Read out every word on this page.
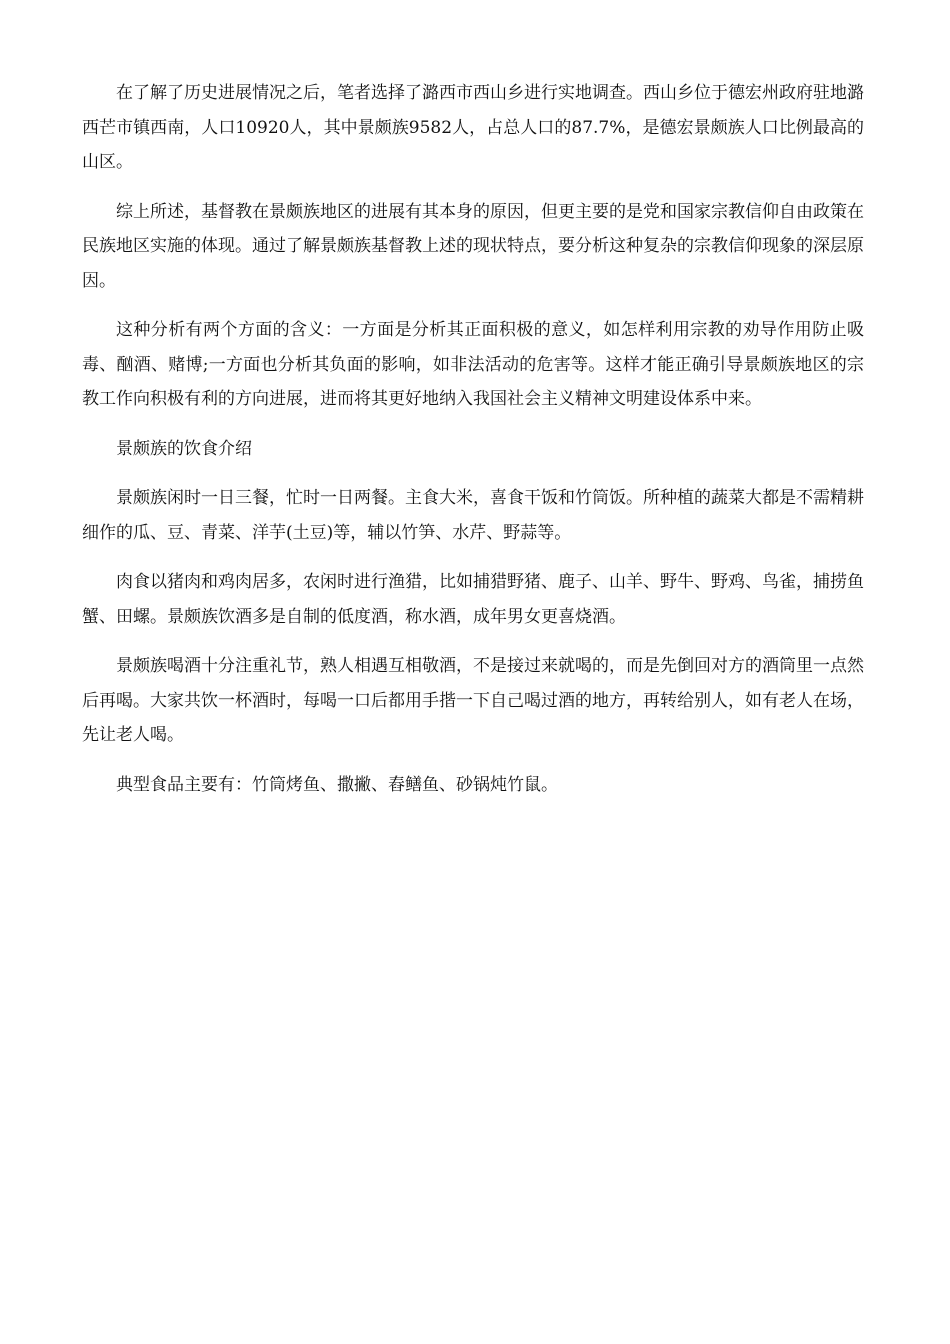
在了解了历史进展情况之后，笔者选择了潞西市西山乡进行实地调查。西山乡位于德宏州政府驻地潞西芒市镇西南，人口10920人，其中景颇族9582人，占总人口的87.7%，是德宏景颇族人口比例最高的山区。

综上所述，基督教在景颇族地区的进展有其本身的原因，但更主要的是党和国家宗教信仰自由政策在民族地区实施的体现。通过了解景颇族基督教上述的现状特点，要分析这种复杂的宗教信仰现象的深层原因。

这种分析有两个方面的含义：一方面是分析其正面积极的意义，如怎样利用宗教的劝导作用防止吸毒、酗酒、赌博;一方面也分析其负面的影响，如非法活动的危害等。这样才能正确引导景颇族地区的宗教工作向积极有利的方向进展，进而将其更好地纳入我国社会主义精神文明建设体系中来。

景颇族的饮食介绍

景颇族闲时一日三餐，忙时一日两餐。主食大米，喜食干饭和竹筒饭。所种植的蔬菜大都是不需精耕细作的瓜、豆、青菜、洋芋(土豆)等，辅以竹笋、水芹、野蒜等。

肉食以猪肉和鸡肉居多，农闲时进行渔猎，比如捕猎野猪、鹿子、山羊、野牛、野鸡、鸟雀，捕捞鱼蟹、田螺。景颇族饮酒多是自制的低度酒，称水酒，成年男女更喜烧酒。

景颇族喝酒十分注重礼节，熟人相遇互相敬酒，不是接过来就喝的，而是先倒回对方的酒筒里一点然后再喝。大家共饮一杯酒时，每喝一口后都用手揩一下自己喝过酒的地方，再转给别人，如有老人在场，先让老人喝。

典型食品主要有：竹筒烤鱼、撒撇、舂鳝鱼、砂锅炖竹鼠。
